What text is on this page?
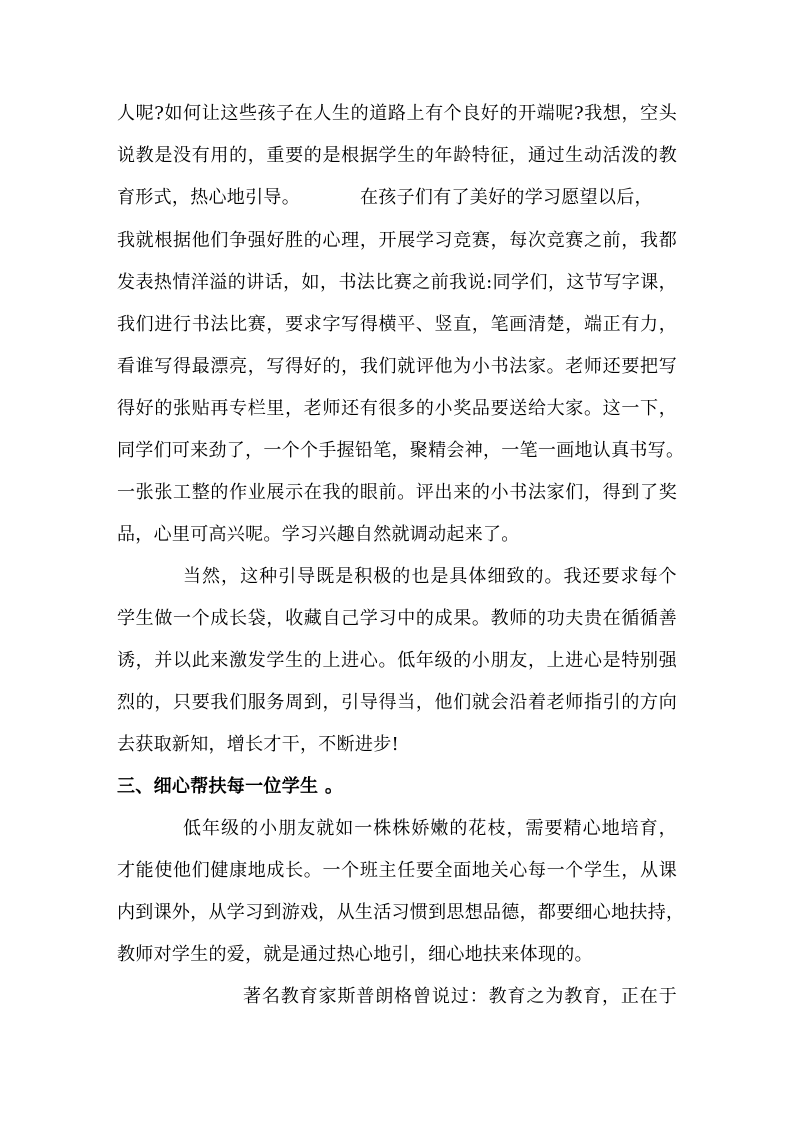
人呢?如何让这些孩子在人生的道路上有个良好的开端呢?我想，空头
说教是没有用的，重要的是根据学生的年龄特征，通过生动活泼的教
育形式，热心地引导。	在孩子们有了美好的学习愿望以后，
我就根据他们争强好胜的心理，开展学习竞赛，每次竞赛之前，我都
发表热情洋溢的讲话，如，书法比赛之前我说:同学们，这节写字课，
我们进行书法比赛，要求字写得横平、竖直，笔画清楚，端正有力，
看谁写得最漂亮，写得好的，我们就评他为小书法家。老师还要把写
得好的张贴再专栏里，老师还有很多的小奖品要送给大家。这一下，
同学们可来劲了，一个个手握铅笔，聚精会神，一笔一画地认真书写。
一张张工整的作业展示在我的眼前。评出来的小书法家们，得到了奖
品，心里可高兴呢。学习兴趣自然就调动起来了。
当然，这种引导既是积极的也是具体细致的。我还要求每个
学生做一个成长袋，收藏自己学习中的成果。教师的功夫贵在循循善
诱，并以此来激发学生的上进心。低年级的小朋友，上进心是特别强
烈的，只要我们服务周到，引导得当，他们就会沿着老师指引的方向
去获取新知，增长才干，不断进步!
三、细心帮扶每一位学生 。
低年级的小朋友就如一株株娇嫩的花枝，需要精心地培育，
才能使他们健康地成长。一个班主任要全面地关心每一个学生，从课
内到课外，从学习到游戏，从生活习惯到思想品德，都要细心地扶持，
教师对学生的爱，就是通过热心地引，细心地扶来体现的。
著名教育家斯普朗格曾说过：教育之为教育，正在于
